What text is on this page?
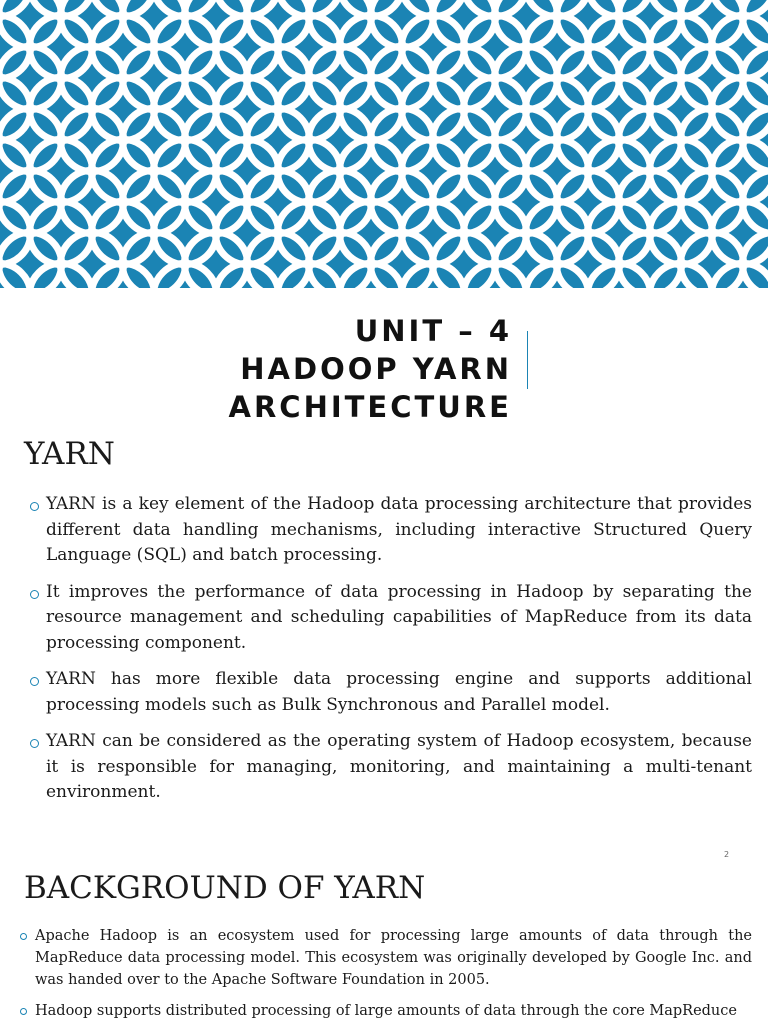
UNIT – 4
HADOOP YARN ARCHITECTURE
YARN
YARN is a key element of the Hadoop data processing architecture that provides different data handling mechanisms, including interactive Structured Query Language (SQL) and batch processing.
It improves the performance of data processing in Hadoop by separating the resource management and scheduling capabilities of MapReduce from its data processing component.
YARN has more flexible data processing engine and supports additional processing models such as Bulk Synchronous and Parallel model.
YARN can be considered as the operating system of Hadoop ecosystem, because it is responsible for managing, monitoring, and maintaining a multi-tenant environment.
2
BACKGROUND OF YARN
Apache Hadoop is an ecosystem used for processing large amounts of data through the MapReduce data processing model. This ecosystem was originally developed by Google Inc. and was handed over to the Apache Software Foundation in 2005.
Hadoop supports distributed processing of large amounts of data through the core MapReduce
